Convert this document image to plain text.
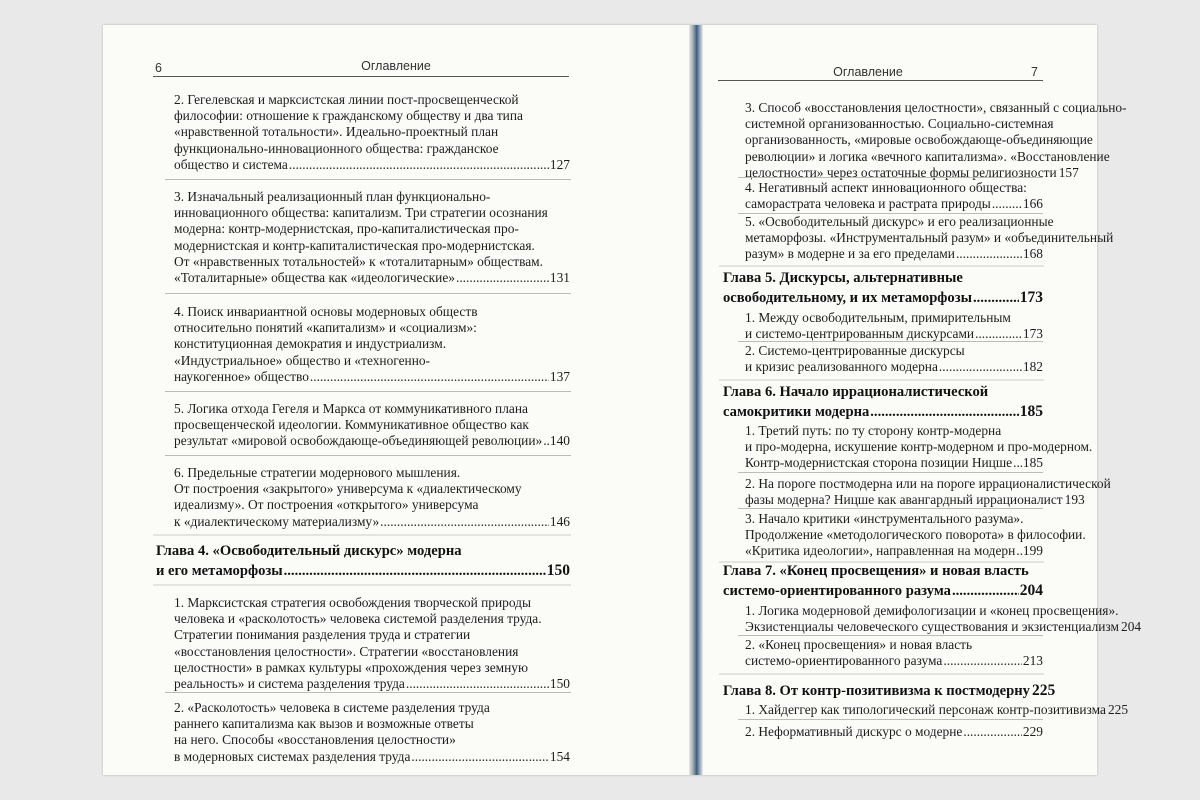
6	Оглавление
2. Гегелевская и марксистская линии пост-просвещенческой
философии: отношение к гражданскому обществу и два типа
«нравственной тотальности». Идеально-проектный план
функционально-инновационного общества: гражданское
общество и система .....	127
3. Изначальный реализационный план функционально-
инновационного общества: капитализм. Три стратегии осознания
модерна: контр-модернистская, про-капиталистическая про-
модернистская и контр-капиталистическая про-модернистская.
От «нравственных тотальностей» к «тоталитарным» обществам.
«Тоталитарные» общества как «идеологические» .....	131
4. Поиск инвариантной основы модерновых обществ
относительно понятий «капитализм» и «социализм»:
конституционная демократия и индустриализм.
«Индустриальное» общество и «техногенно-
наукогенное» общество .....	137
5. Логика отхода Гегеля и Маркса от коммуникативного плана
просвещенческой идеологии. Коммуникативное общество как
результат «мировой освобождающе-объединяющей революции» ..... 140
6. Предельные стратегии модернового мышления.
От построения «закрытого» универсума к «диалектическому
идеализму». От построения «открытого» универсума
к «диалектическому материализму» .....	146
Глава 4. «Освободительный дискурс» модерна
и его метаморфозы .....	150
1. Марксистская стратегия освобождения творческой природы
человека и «расколотость» человека системой разделения труда.
Стратегии понимания разделения труда и стратегии
«восстановления целостности». Стратегии «восстановления
целостности» в рамках культуры «прохождения через земную
реальность» и система разделения труда .....	150
2. «Расколотость» человека в системе разделения труда
раннего капитализма как вызов и возможные ответы
на него. Способы «восстановления целостности»
в модерновых системах разделения труда .....	154
Оглавление	7
3. Способ «восстановления целостности», связанный с социально-
системной организованностью. Социально-системная
организованность, «мировые освобождающе-объединяющие
революции» и логика «вечного капитализма». «Восстановление
целостности» через остаточные формы религиозности 157
4. Негативный аспект инновационного общества:
саморастрата человека и растрата природы ..... 166
5. «Освободительный дискурс» и его реализационные
метаморфозы. «Инструментальный разум» и «объединительный
разум» в модерне и за его пределами .....	168
Глава 5. Дискурсы, альтернативные
освободительному, и их метаморфозы .....	173
1. Между освободительным, примирительным
и системо-центрированным дискурсами .....	173
2. Системо-центрированные дискурсы
и кризис реализованного модерна .....	182
Глава 6. Начало иррационалистической
самокритики модерна .....	185
1. Третий путь: по ту сторону контр-модерна
и про-модерна, искушение контр-модерном и про-модерном.
Контр-модернистская сторона позиции Ницше ..... 185
2. На пороге постмодерна или на пороге иррационалистической
фазы модерна? Ницше как авангардный иррационалист 193
3. Начало критики «инструментального разума».
Продолжение «методологического поворота» в философии.
«Критика идеологии», направленная на модерн ..... 199
Глава 7. «Конец просвещения» и новая власть
системо-ориентированного разума .....	204
1. Логика модерновой демифологизации и «конец просвещения».
Экзистенциалы человеческого существования и экзистенциализм 204
2. «Конец просвещения» и новая власть
системо-ориентированного разума .....	213
Глава 8. От контр-позитивизма к постмодерну 225
1. Хайдеггер как типологический персонаж контр-позитивизма 225
2. Неформативный дискурс о модерне .....	229
